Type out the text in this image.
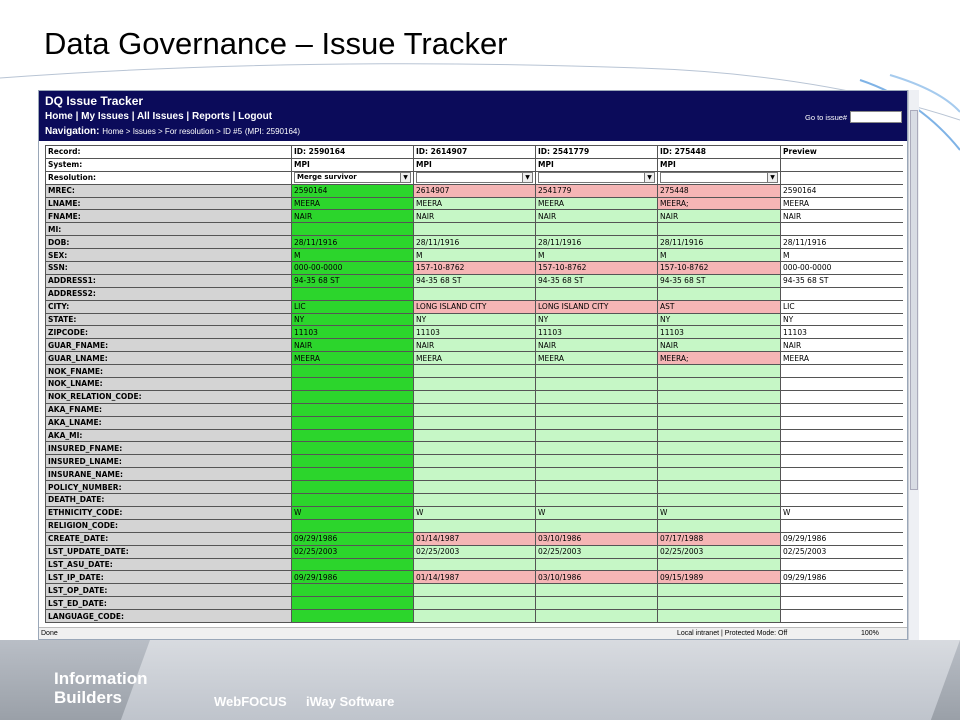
Data Governance – Issue Tracker
DQ Issue Tracker
Home | My Issues | All Issues | Reports | Logout
Navigation: Home > Issues > For resolution > ID #5 (MPI: 2590164)
Go to issue#
Record:	ID: 2590164	ID: 2614907	ID: 2541779	ID: 275448	Preview
System:	MPI	MPI	MPI	MPI	
Resolution:	Merge survivor ▼	▼	▼	▼	

MREC:	2590164	2614907	2541779	275448	2590164
LNAME:	MEERA	MEERA	MEERA	MEERA;	MEERA
FNAME:	NAIR	NAIR	NAIR	NAIR	NAIR
MI:					
DOB:	28/11/1916	28/11/1916	28/11/1916	28/11/1916	28/11/1916
SEX:	M	M	M	M	M
SSN:	000-00-0000	157-10-8762	157-10-8762	157-10-8762	000-00-0000
ADDRESS1:	94-35 68 ST	94-35 68 ST	94-35 68 ST	94-35 68 ST	94-35 68 ST
ADDRESS2:					
CITY:	LIC	LONG ISLAND CITY	LONG ISLAND CITY	AST	LIC
STATE:	NY	NY	NY	NY	NY
ZIPCODE:	11103	11103	11103	11103	11103
GUAR_FNAME:	NAIR	NAIR	NAIR	NAIR	NAIR
GUAR_LNAME:	MEERA	MEERA	MEERA	MEERA;	MEERA
NOK_FNAME:					
NOK_LNAME:					
NOK_RELATION_CODE:					
AKA_FNAME:					
AKA_LNAME:					
AKA_MI:					
INSURED_FNAME:					
INSURED_LNAME:					
INSURANE_NAME:					
POLICY_NUMBER:					
DEATH_DATE:					
ETHNICITY_CODE:	W	W	W	W	W
RELIGION_CODE:					
CREATE_DATE:	09/29/1986	01/14/1987	03/10/1986	07/17/1988	09/29/1986
LST_UPDATE_DATE:	02/25/2003	02/25/2003	02/25/2003	02/25/2003	02/25/2003
LST_ASU_DATE:					
LST_IP_DATE:	09/29/1986	01/14/1987	03/10/1986	09/15/1989	09/29/1986
LST_OP_DATE:					
LST_ED_DATE:					
LANGUAGE_CODE:					
Done	Local intranet | Protected Mode: Off	100%
Information
Builders	WebFOCUS iWay Software
